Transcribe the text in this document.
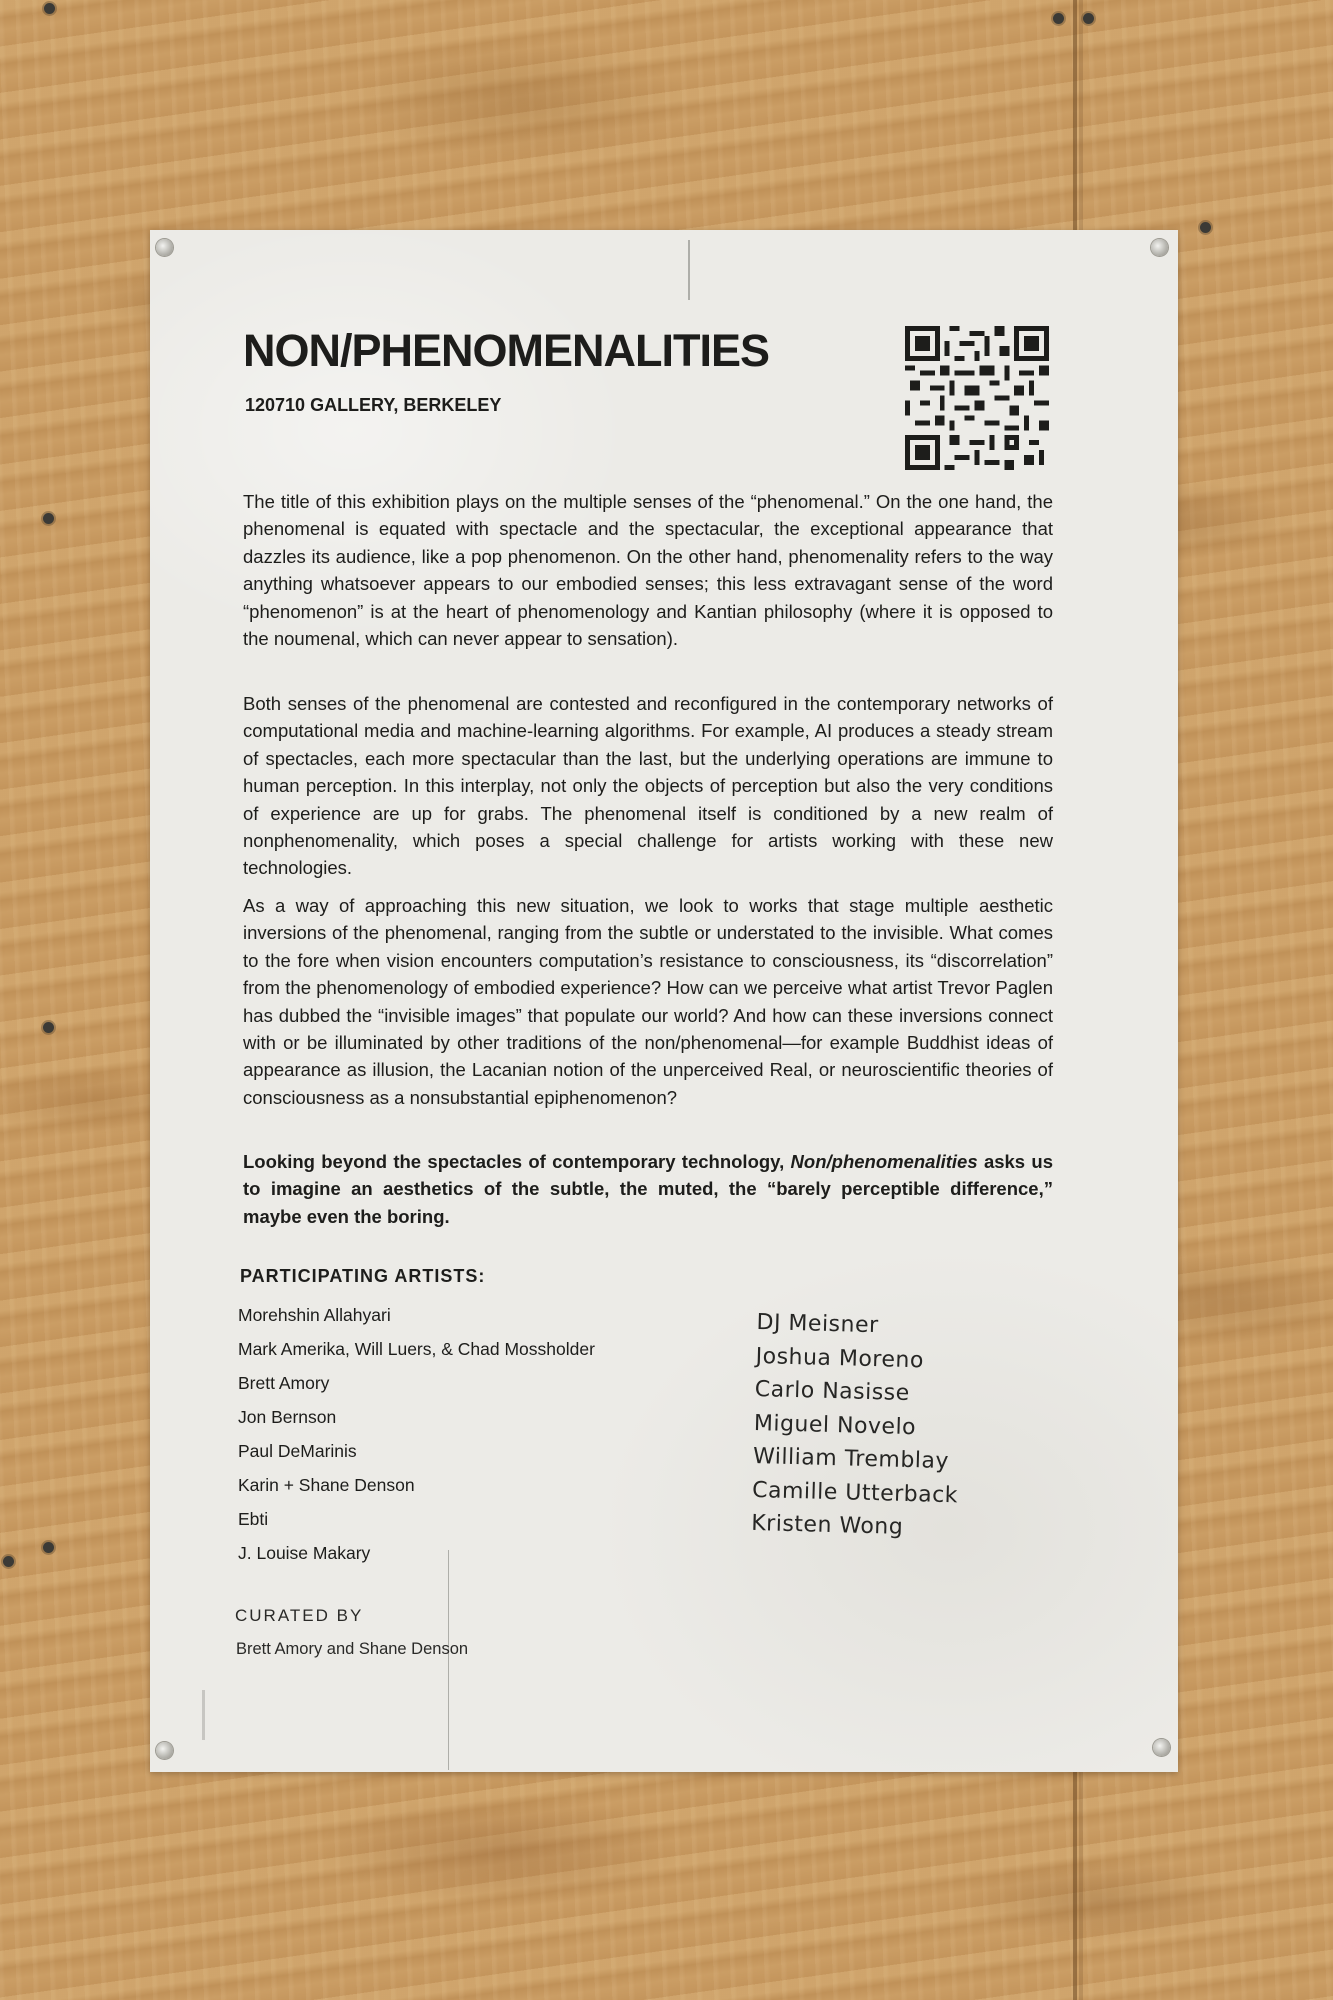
NON/PHENOMENALITIES
120710 GALLERY, BERKELEY

The title of this exhibition plays on the multiple senses of the “phenomenal.” On the one hand, the phenomenal is equated with spectacle and the spectacular, the exceptional appearance that dazzles its audience, like a pop phenomenon. On the other hand, phenomenality refers to the way anything whatsoever appears to our embodied senses; this less extravagant sense of the word “phenomenon” is at the heart of phenomenology and Kantian philosophy (where it is opposed to the noumenal, which can never appear to sensation).

Both senses of the phenomenal are contested and reconfigured in the contemporary networks of computational media and machine-learning algorithms. For example, AI produces a steady stream of spectacles, each more spectacular than the last, but the underlying operations are immune to human perception. In this interplay, not only the objects of perception but also the very conditions of experience are up for grabs. The phenomenal itself is conditioned by a new realm of nonphenomenality, which poses a special challenge for artists working with these new technologies.

As a way of approaching this new situation, we look to works that stage multiple aesthetic inversions of the phenomenal, ranging from the subtle or understated to the invisible. What comes to the fore when vision encounters computation’s resistance to consciousness, its “discorrelation” from the phenomenology of embodied experience? How can we perceive what artist Trevor Paglen has dubbed the “invisible images” that populate our world? And how can these inversions connect with or be illuminated by other traditions of the non/phenomenal—for example Buddhist ideas of appearance as illusion, the Lacanian notion of the unperceived Real, or neuroscientific theories of consciousness as a nonsubstantial epiphenomenon?

Looking beyond the spectacles of contemporary technology, Non/phenomenalities asks us to imagine an aesthetics of the subtle, the muted, the “barely perceptible difference,” maybe even the boring.

PARTICIPATING ARTISTS:
Morehshin Allahyari
Mark Amerika, Will Luers, & Chad Mossholder
Brett Amory
Jon Bernson
Paul DeMarinis
Karin + Shane Denson
Ebti
J. Louise Makary
DJ Meisner
Joshua Moreno
Carlo Nasisse
Miguel Novelo
William Tremblay
Camille Utterback
Kristen Wong
CURATED BY
Brett Amory and Shane Denson
